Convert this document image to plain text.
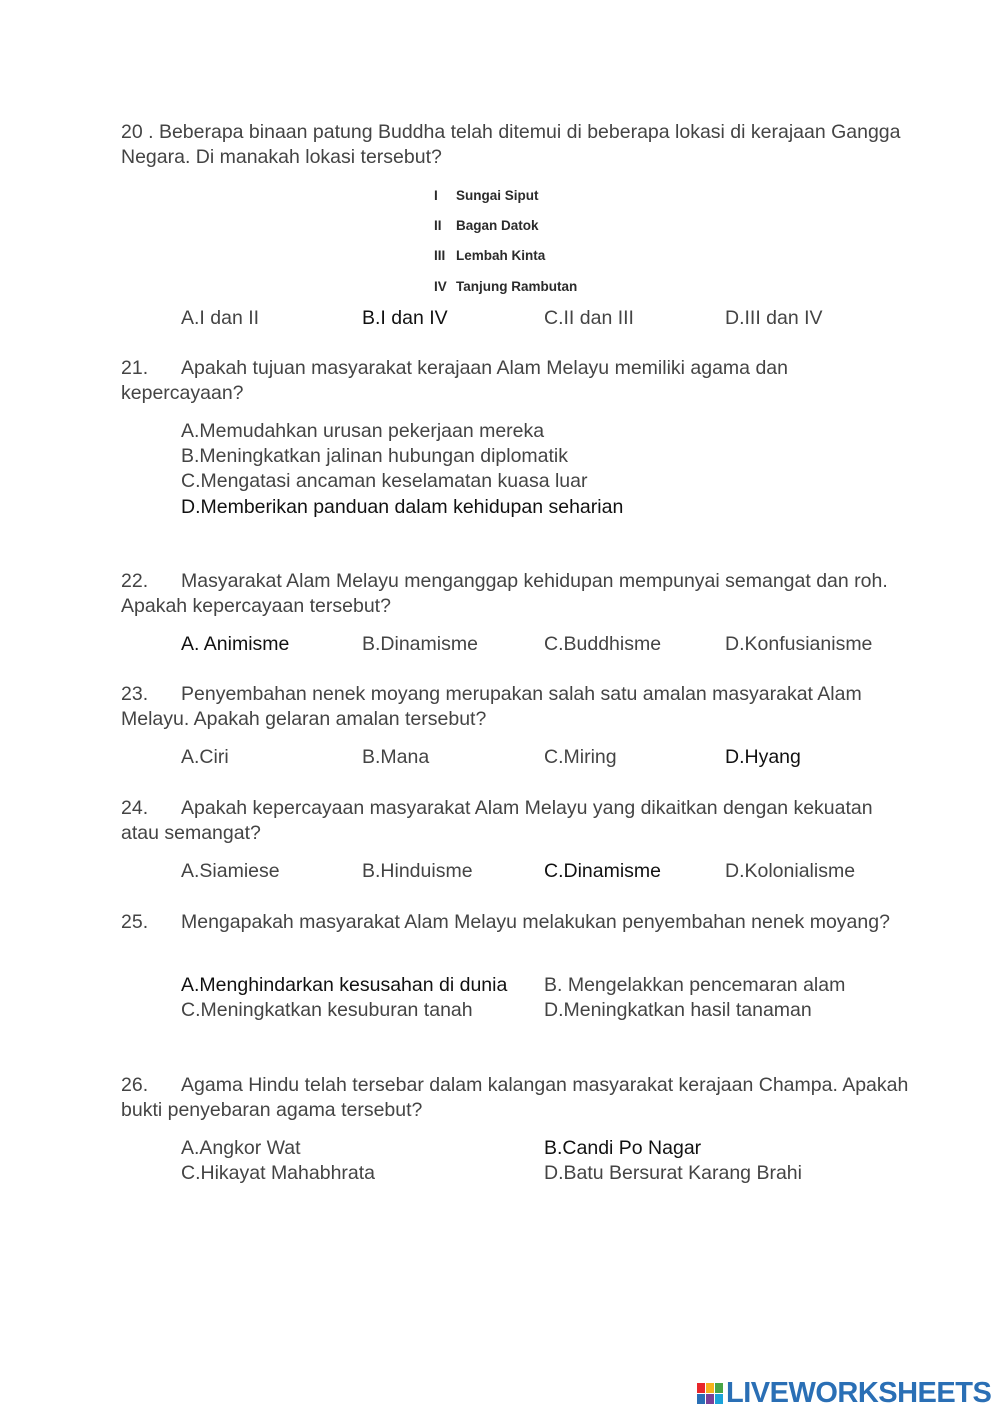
20 . Beberapa binaan patung Buddha telah ditemui di beberapa lokasi di kerajaan Gangga Negara. Di manakah lokasi tersebut?
I Sungai Siput
II Bagan Datok
III Lembah Kinta
IV Tanjung Rambutan
A.I dan II	B.I dan IV	C.II dan III	D.III dan IV
21. Apakah tujuan masyarakat kerajaan Alam Melayu memiliki agama dan kepercayaan?
A.Memudahkan urusan pekerjaan mereka
B.Meningkatkan jalinan hubungan diplomatik
C.Mengatasi ancaman keselamatan kuasa luar
D.Memberikan panduan dalam kehidupan seharian
22. Masyarakat Alam Melayu menganggap kehidupan mempunyai semangat dan roh. Apakah kepercayaan tersebut?
A. Animisme	B.Dinamisme	C.Buddhisme	D.Konfusianisme
23. Penyembahan nenek moyang merupakan salah satu amalan masyarakat Alam Melayu. Apakah gelaran amalan tersebut?
A.Ciri	B.Mana	C.Miring	D.Hyang
24. Apakah kepercayaan masyarakat Alam Melayu yang dikaitkan dengan kekuatan atau semangat?
A.Siamiese	B.Hinduisme	C.Dinamisme	D.Kolonialisme
25. Mengapakah masyarakat Alam Melayu melakukan penyembahan nenek moyang?
A.Menghindarkan kesusahan di dunia B. Mengelakkan pencemaran alam
C.Meningkatkan kesuburan tanah	D.Meningkatkan hasil tanaman
26. Agama Hindu telah tersebar dalam kalangan masyarakat kerajaan Champa. Apakah bukti penyebaran agama tersebut?
A.Angkor Wat	B.Candi Po Nagar
C.Hikayat Mahabhrata	D.Batu Bersurat Karang Brahi
LIVEWORKSHEETS
